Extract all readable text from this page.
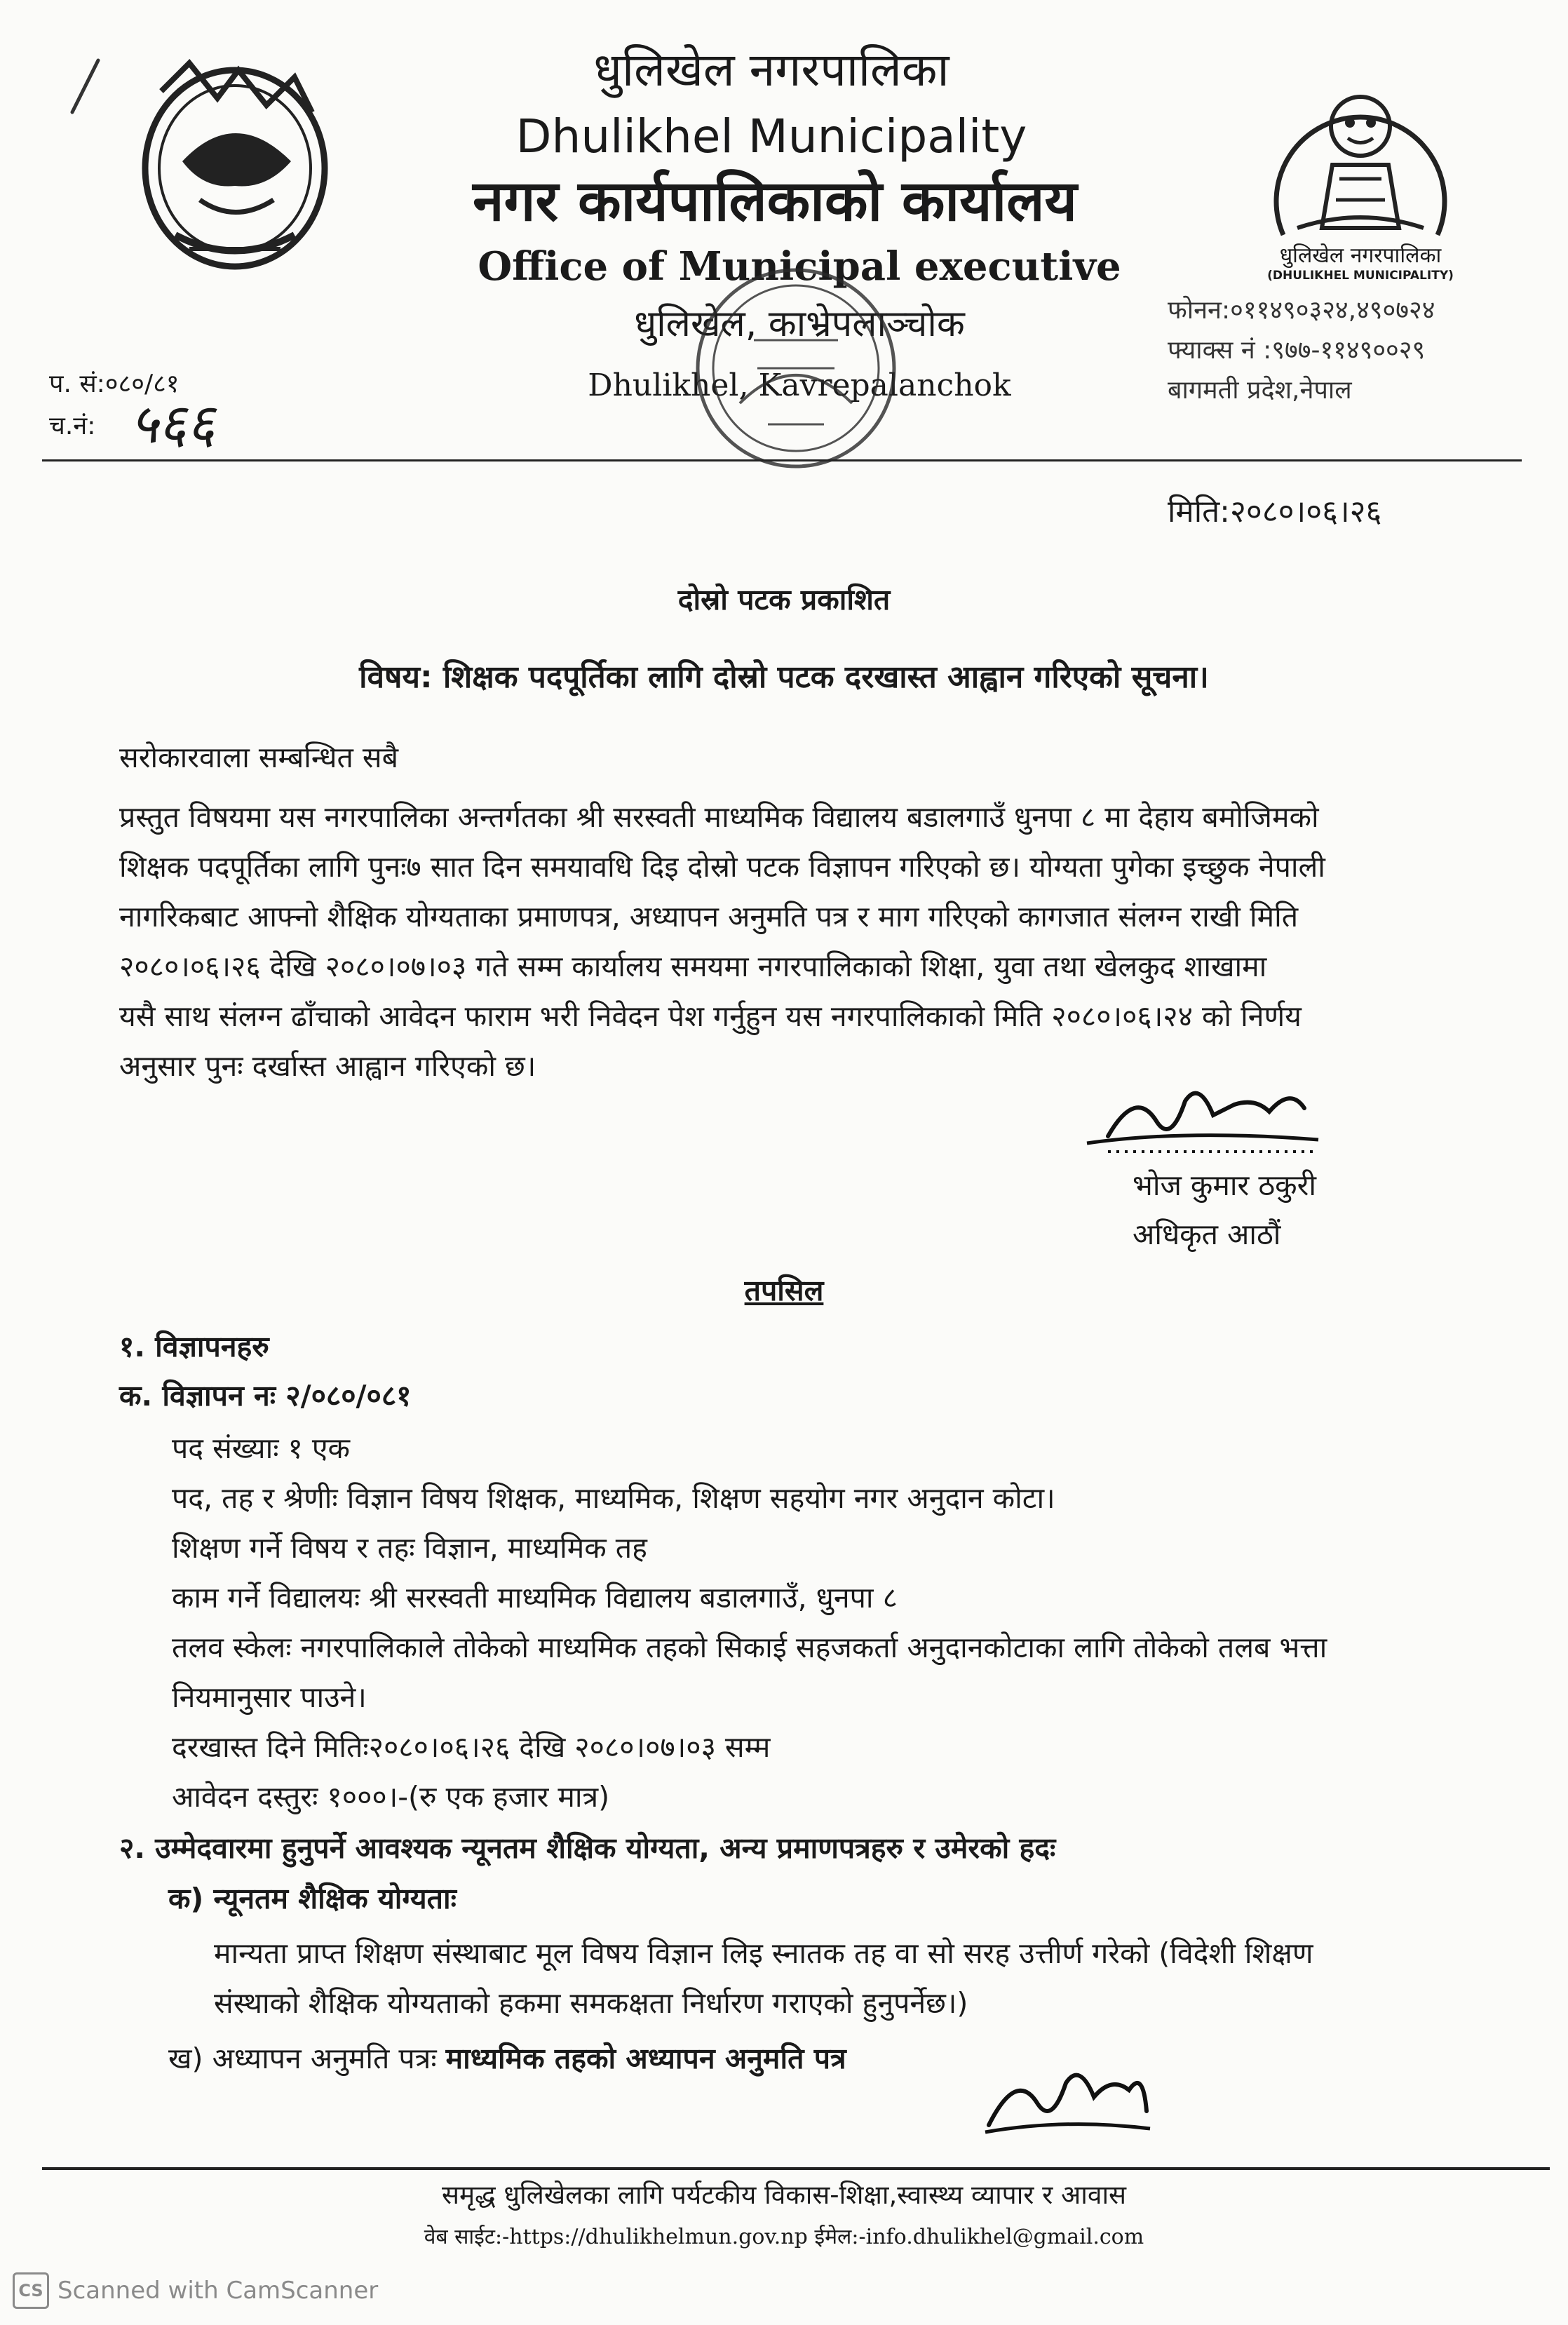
धुलिखेल नगरपालिका
Dhulikhel Municipality
नगर कार्यपालिकाको कार्यालय
Office of Municipal executive
धुलिखेल, काभ्रेपलाञ्चोक
Dhulikhel, Kavrepalanchok
धुलिखेल नगरपालिका
(DHULIKHEL MUNICIPALITY)
फोनन:०११४९०३२४,४९०७२४
फ्याक्स नं :९७७-११४९००२९
बागमती प्रदेश,नेपाल
प. सं:०८०/८१
च.नं: ५६६
मिति:२०८०।०६।२६
दोस्रो पटक प्रकाशित
विषय: शिक्षक पदपूर्तिका लागि दोस्रो पटक दरखास्त आह्वान गरिएको सूचना।
सरोकारवाला सम्बन्धित सबै
प्रस्तुत विषयमा यस नगरपालिका अन्तर्गतका श्री सरस्वती माध्यमिक विद्यालय बडालगाउँ धुनपा ८ मा देहाय बमोजिमको
शिक्षक पदपूर्तिका लागि पुनः७ सात दिन समयावधि दिइ दोस्रो पटक विज्ञापन गरिएको छ। योग्यता पुगेका इच्छुक नेपाली
नागरिकबाट आफ्नो शैक्षिक योग्यताका प्रमाणपत्र, अध्यापन अनुमति पत्र र माग गरिएको कागजात संलग्न राखी मिति
२०८०।०६।२६ देखि २०८०।०७।०३ गते सम्म कार्यालय समयमा नगरपालिकाको शिक्षा, युवा तथा खेलकुद शाखामा
यसै साथ संलग्न ढाँचाको आवेदन फाराम भरी निवेदन पेश गर्नुहुन यस नगरपालिकाको मिति २०८०।०६।२४ को निर्णय
अनुसार पुनः दर्खास्त आह्वान गरिएको छ।
भोज कुमार ठकुरी
अधिकृत आठौं
तपसिल
१. विज्ञापनहरु
क. विज्ञापन नः २/०८०/०८१
पद संख्याः १ एक
पद, तह र श्रेणीः विज्ञान विषय शिक्षक, माध्यमिक, शिक्षण सहयोग नगर अनुदान कोटा।
शिक्षण गर्ने विषय र तहः विज्ञान, माध्यमिक तह
काम गर्ने विद्यालयः श्री सरस्वती माध्यमिक विद्यालय बडालगाउँ, धुनपा ८
तलव स्केलः नगरपालिकाले तोकेको माध्यमिक तहको सिकाई सहजकर्ता अनुदानकोटाका लागि तोकेको तलब भत्ता
नियमानुसार पाउने।
दरखास्त दिने मितिः२०८०।०६।२६ देखि २०८०।०७।०३ सम्म
आवेदन दस्तुरः १०००।-(रु एक हजार मात्र)
२. उम्मेदवारमा हुनुपर्ने आवश्यक न्यूनतम शैक्षिक योग्यता, अन्य प्रमाणपत्रहरु र उमेरको हदः
क) न्यूनतम शैक्षिक योग्यताः
मान्यता प्राप्त शिक्षण संस्थाबाट मूल विषय विज्ञान लिइ स्नातक तह वा सो सरह उत्तीर्ण गरेको (विदेशी शिक्षण
संस्थाको शैक्षिक योग्यताको हकमा समकक्षता निर्धारण गराएको हुनुपर्नेछ।)
ख) अध्यापन अनुमति पत्रः माध्यमिक तहको अध्यापन अनुमति पत्र
समृद्ध धुलिखेलका लागि पर्यटकीय विकास-शिक्षा,स्वास्थ्य व्यापार र आवास
वेब साईट:-https://dhulikhelmun.gov.np ईमेल:-info.dhulikhel@gmail.com
CS Scanned with CamScanner
